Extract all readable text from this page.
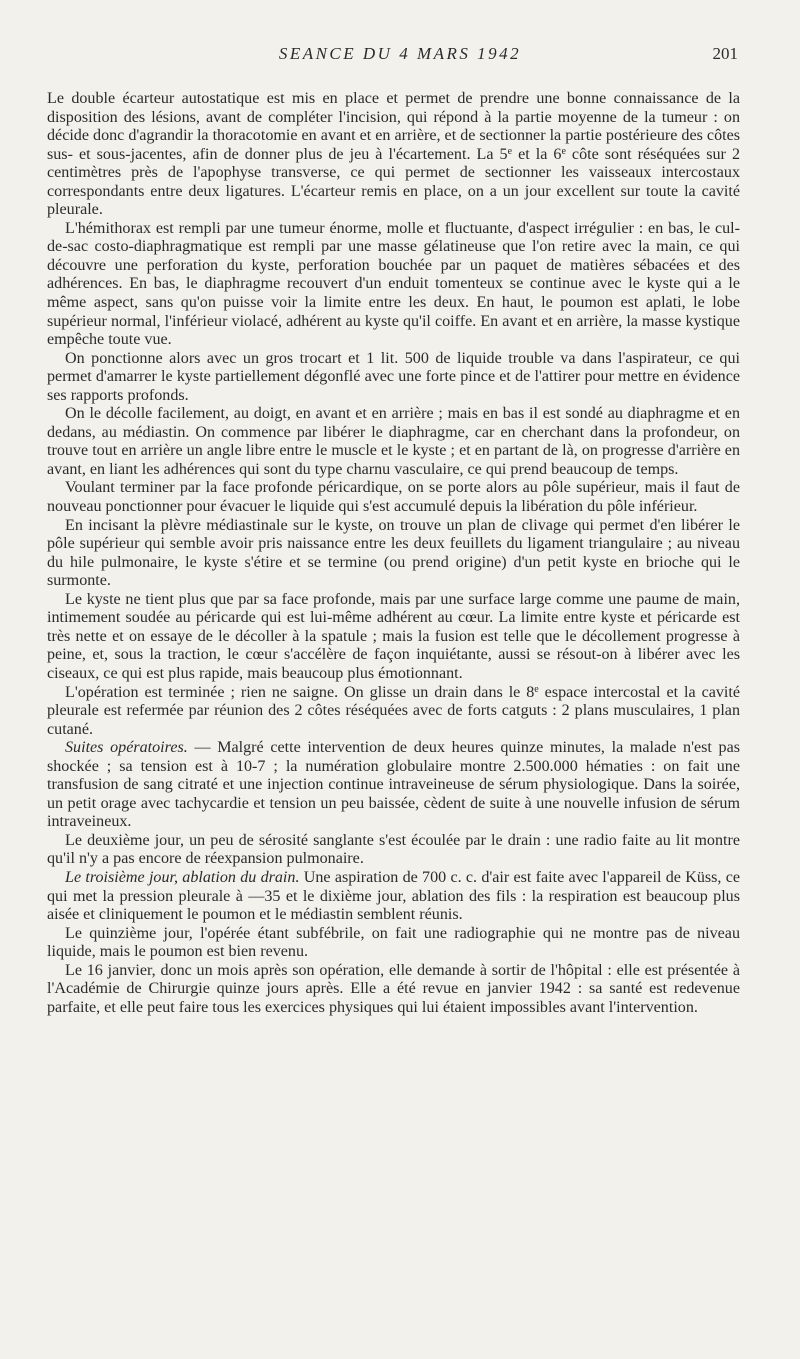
SEANCE DU 4 MARS 1942	201

Le double écarteur autostatique est mis en place et permet de prendre une bonne connaissance de la disposition des lésions, avant de compléter l'incision, qui répond à la partie moyenne de la tumeur : on décide donc d'agrandir la thoracotomie en avant et en arrière, et de sectionner la partie postérieure des côtes sus- et sous-jacentes, afin de donner plus de jeu à l'écartement. La 5e et la 6e côte sont réséquées sur 2 centimètres près de l'apophyse transverse, ce qui permet de sectionner les vaisseaux intercostaux correspondants entre deux ligatures. L'écarteur remis en place, on a un jour excellent sur toute la cavité pleurale.

L'hémithorax est rempli par une tumeur énorme, molle et fluctuante, d'aspect irrégulier : en bas, le cul-de-sac costo-diaphragmatique est rempli par une masse gélatineuse que l'on retire avec la main, ce qui découvre une perforation du kyste, perforation bouchée par un paquet de matières sébacées et des adhérences. En bas, le diaphragme recouvert d'un enduit tomenteux se continue avec le kyste qui a le même aspect, sans qu'on puisse voir la limite entre les deux. En haut, le poumon est aplati, le lobe supérieur normal, l'inférieur violacé, adhérent au kyste qu'il coiffe. En avant et en arrière, la masse kystique empêche toute vue.

On ponctionne alors avec un gros trocart et 1 lit. 500 de liquide trouble va dans l'aspirateur, ce qui permet d'amarrer le kyste partiellement dégonflé avec une forte pince et de l'attirer pour mettre en évidence ses rapports profonds.

On le décolle facilement, au doigt, en avant et en arrière ; mais en bas il est sondé au diaphragme et en dedans, au médiastin. On commence par libérer le diaphragme, car en cherchant dans la profondeur, on trouve tout en arrière un angle libre entre le muscle et le kyste ; et en partant de là, on progresse d'arrière en avant, en liant les adhérences qui sont du type charnu vasculaire, ce qui prend beaucoup de temps.

Voulant terminer par la face profonde péricardique, on se porte alors au pôle supérieur, mais il faut de nouveau ponctionner pour évacuer le liquide qui s'est accumulé depuis la libération du pôle inférieur.

En incisant la plèvre médiastinale sur le kyste, on trouve un plan de clivage qui permet d'en libérer le pôle supérieur qui semble avoir pris naissance entre les deux feuillets du ligament triangulaire ; au niveau du hile pulmonaire, le kyste s'étire et se termine (ou prend origine) d'un petit kyste en brioche qui le surmonte.

Le kyste ne tient plus que par sa face profonde, mais par une surface large comme une paume de main, intimement soudée au péricarde qui est lui-même adhérent au cœur. La limite entre kyste et péricarde est très nette et on essaye de le décoller à la spatule ; mais la fusion est telle que le décollement progresse à peine, et, sous la traction, le cœur s'accélère de façon inquiétante, aussi se résout-on à libérer avec les ciseaux, ce qui est plus rapide, mais beaucoup plus émotionnant.

L'opération est terminée ; rien ne saigne. On glisse un drain dans le 8e espace intercostal et la cavité pleurale est refermée par réunion des 2 côtes réséquées avec de forts catguts : 2 plans musculaires, 1 plan cutané.

Suites opératoires. — Malgré cette intervention de deux heures quinze minutes, la malade n'est pas shockée ; sa tension est à 10-7 ; la numération globulaire montre 2.500.000 hématies : on fait une transfusion de sang citraté et une injection continue intraveineuse de sérum physiologique. Dans la soirée, un petit orage avec tachycardie et tension un peu baissée, cèdent de suite à une nouvelle infusion de sérum intraveineux.

Le deuxième jour, un peu de sérosité sanglante s'est écoulée par le drain : une radio faite au lit montre qu'il n'y a pas encore de réexpansion pulmonaire.

Le troisième jour, ablation du drain. Une aspiration de 700 c. c. d'air est faite avec l'appareil de Küss, ce qui met la pression pleurale à —35 et le dixième jour, ablation des fils : la respiration est beaucoup plus aisée et cliniquement le poumon et le médiastin semblent réunis.

Le quinzième jour, l'opérée étant subfébrile, on fait une radiographie qui ne montre pas de niveau liquide, mais le poumon est bien revenu.

Le 16 janvier, donc un mois après son opération, elle demande à sortir de l'hôpital : elle est présentée à l'Académie de Chirurgie quinze jours après. Elle a été revue en janvier 1942 : sa santé est redevenue parfaite, et elle peut faire tous les exercices physiques qui lui étaient impossibles avant l'intervention.
